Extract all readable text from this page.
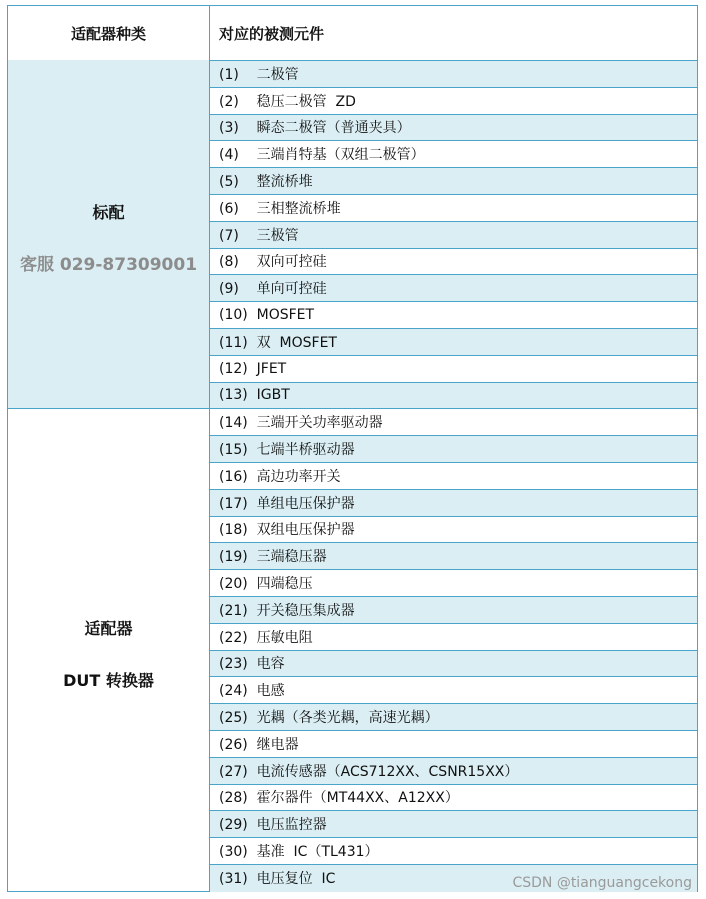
适配器种类	对应的被测元件
标配
客服 029-87309001
适配器
DUT 转换器
(1)    二极管
(2)    稳压二极管  ZD
(3)    瞬态二极管（普通夹具）
(4)    三端肖特基（双组二极管）
(5)    整流桥堆
(6)    三相整流桥堆
(7)    三极管
(8)    双向可控硅
(9)    单向可控硅
(10)  MOSFET
(11)  双  MOSFET
(12)  JFET
(13)  IGBT
(14)  三端开关功率驱动器
(15)  七端半桥驱动器
(16)  高边功率开关
(17)  单组电压保护器
(18)  双组电压保护器
(19)  三端稳压器
(20)  四端稳压
(21)  开关稳压集成器
(22)  压敏电阻
(23)  电容
(24)  电感
(25)  光耦（各类光耦，高速光耦）
(26)  继电器
(27)  电流传感器（ACS712XX、CSNR15XX）
(28)  霍尔器件（MT44XX、A12XX）
(29)  电压监控器
(30)  基准  IC（TL431）
(31)  电压复位  IC	CSDN @tianguangcekong
